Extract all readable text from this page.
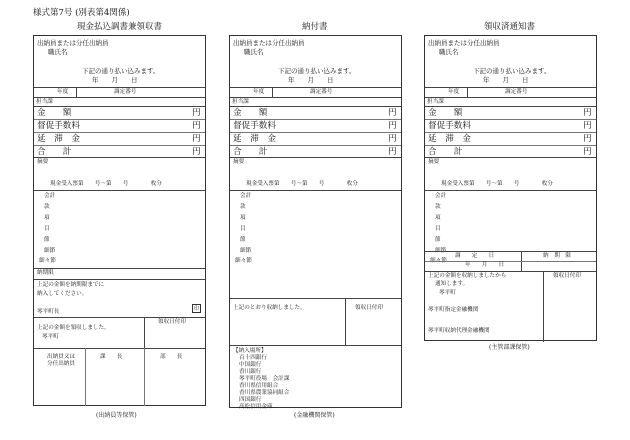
様式第7号 (別表第4関係)
現金払込調書兼領収書	納付書	領収済通知書
出納員または分任出納員
職氏名
下記の通り払い込みます。
年　　月　　日
年度	調定番号
担当課
金　　額	円
督促手数料	円
延　滞　金	円
合　　計	円
摘要
現金受入票第　　号～第　　号　　　　枚分
会計
款
項
目
節
細節
細々節
納期限
上記の金額を納期限までに
納入してください。
琴平町長	印
上記の金額を領収しました。
琴平町
領収日付印
出納員又は
分任出納員
課　　長	部　　長
出納員または分任出納員
職氏名
下記の通り払い込みます。
年　　月　　日
年度	調定番号
担当課
金　　額	円
督促手数料	円
延　滞　金	円
合　　計	円
摘要
現金受入票第　　号～第　　号　　　　枚分
会計
款
項
目
節
細節
細々節
上記のとおり収納しました。	領収日付印
【納入場所】
百十四銀行
中国銀行
香川銀行
琴平町役場　会計課
香川県信用組合
香川県農業協同組合
四国銀行
高松信用金庫
出納員または分任出納員
職氏名
下記の通り払い込みます。
年　　月　　日
年度	調定番号
担当課
金　　額	円
督促手数料	円
延　滞　金	円
合　　計	円
摘要
現金受入票第　　号～第　　号　　　　枚分
会計
款
項
目
節
細節
細々節
調　　定　　日	納　期　限
年　　月　　日
上記の金額を収納しましたから
通知します。
琴平町
領収日付印
琴平町指定金融機関
琴平町収納代理金融機関
(出納員等保管)	(金融機関保管)
(主管部課保管)
